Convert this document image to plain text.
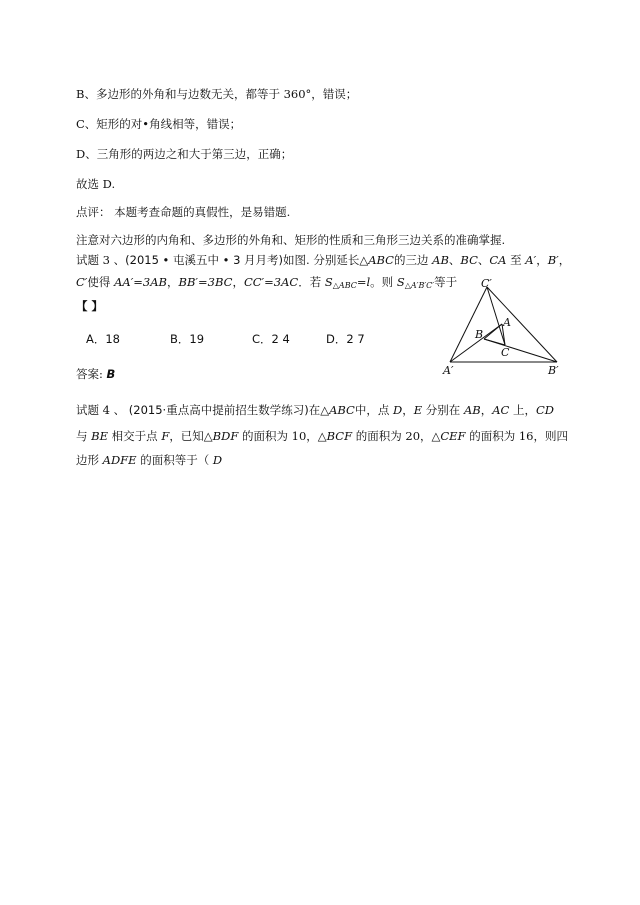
B、多边形的外角和与边数无关，都等于 360°，错误；
C、矩形的对•角线相等，错误；
D、三角形的两边之和大于第三边，正确；
故选 D.
点评： 本题考查命题的真假性，是易错题.
注意对六边形的内角和、多边形的外角和、矩形的性质和三角形三边关系的准确掌握.
试题 3 、(2015 • 屯溪五中 • 3 月月考)如图. 分别延长△ABC的三边 AB、BC、CA 至 A′，B′，
C′使得 AA′=3AB，BB′=3BC，CC′=3AC．若 $S_{\triangle ABC}=l$。则 $S_{\triangle A'B'C'}$等于
【 】
A．18	B．19	C．2 4	D．2 7
答案: B
C′
A
B
C
A′	B′
试题 4 、 (2015·重点高中提前招生数学练习)在△ABC中，点 D，E 分别在 AB，AC 上，CD
与 BE 相交于点 F，已知△BDF 的面积为 10，△BCF 的面积为 20，△CEF 的面积为 16，则四
边形 ADFE 的面积等于（ D
